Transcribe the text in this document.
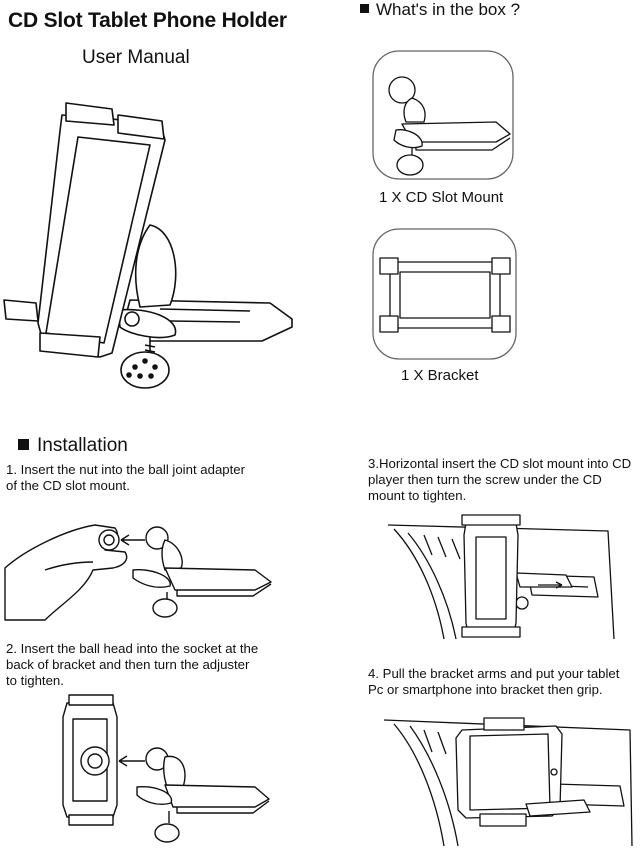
CD Slot Tablet Phone Holder
User Manual
What's in the box ?
1 X CD Slot Mount
1 X Bracket
Installation

1. Insert the nut into the ball joint adapter
of the CD slot mount.

2. Insert the ball head into the socket at the
back of bracket and then turn the adjuster
to tighten.

3.Horizontal insert the CD slot mount into CD
player then turn the screw under the CD
mount to tighten.

4. Pull the bracket arms and put your tablet
Pc or smartphone into bracket then grip.
